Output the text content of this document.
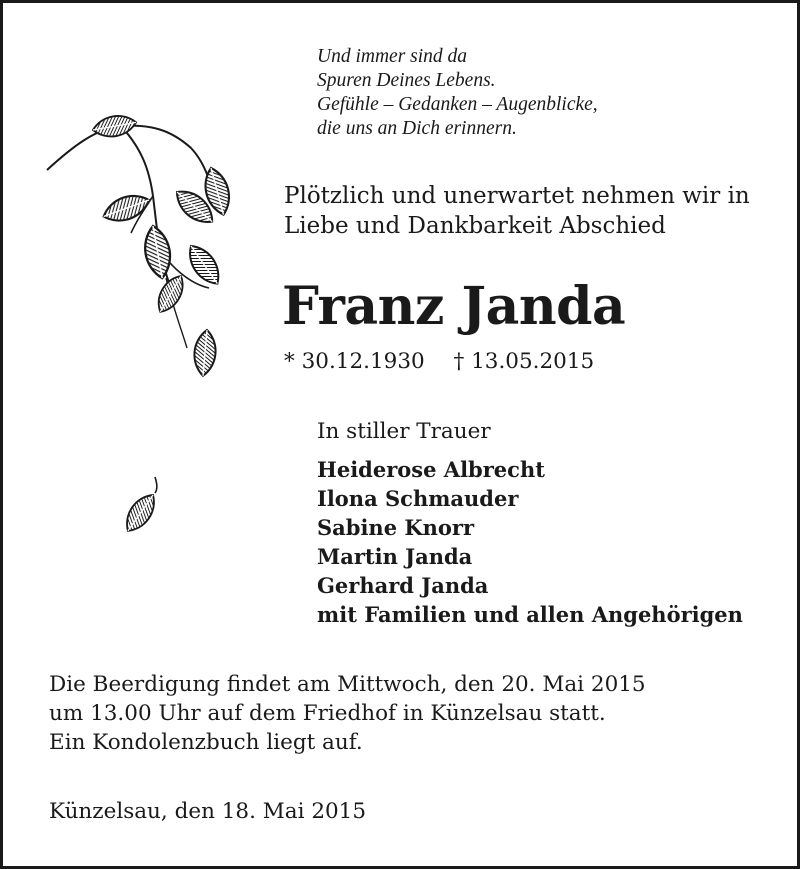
Und immer sind da
Spuren Deines Lebens.
Gefühle – Gedanken – Augenblicke,
die uns an Dich erinnern.
Plötzlich und unerwartet nehmen wir in
Liebe und Dankbarkeit Abschied
Franz Janda
* 30.12.1930 † 13.05.2015
In stiller Trauer
Heiderose Albrecht
Ilona Schmauder
Sabine Knorr
Martin Janda
Gerhard Janda
mit Familien und allen Angehörigen
Die Beerdigung findet am Mittwoch, den 20. Mai 2015
um 13.00 Uhr auf dem Friedhof in Künzelsau statt.
Ein Kondolenzbuch liegt auf.
Künzelsau, den 18. Mai 2015
